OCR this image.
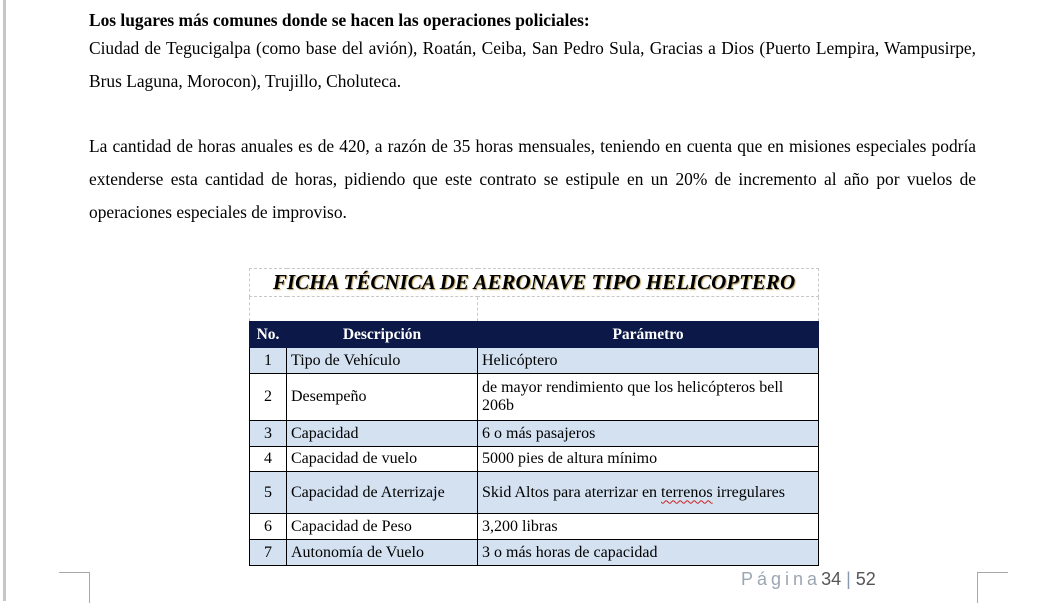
Los lugares más comunes donde se hacen las operaciones policiales:

Ciudad de Tegucigalpa (como base del avión), Roatán, Ceiba, San Pedro Sula, Gracias a Dios (Puerto Lempira, Wampusirpe, Brus Laguna, Morocon), Trujillo, Choluteca.

La cantidad de horas anuales es de 420, a razón de 35 horas mensuales, teniendo en cuenta que en misiones especiales podría extenderse esta cantidad de horas, pidiendo que este contrato se estipule en un 20% de incremento al año por vuelos de operaciones especiales de improviso.

FICHA TÉCNICA DE AERONAVE TIPO HELICOPTERO		

No.	Descripción	Parámetro
1	Tipo de Vehículo	Helicóptero
2	Desempeño	de mayor rendimiento que los helicópteros bell 206b
3	Capacidad	6 o más pasajeros
4	Capacidad de vuelo	5000 pies de altura mínimo
5	Capacidad de Aterrizaje	Skid Altos para aterrizar en terrenos irregulares
6	Capacidad de Peso	3,200 libras
7	Autonomía de Vuelo	3 o más horas de capacidad
Página34 | 52
